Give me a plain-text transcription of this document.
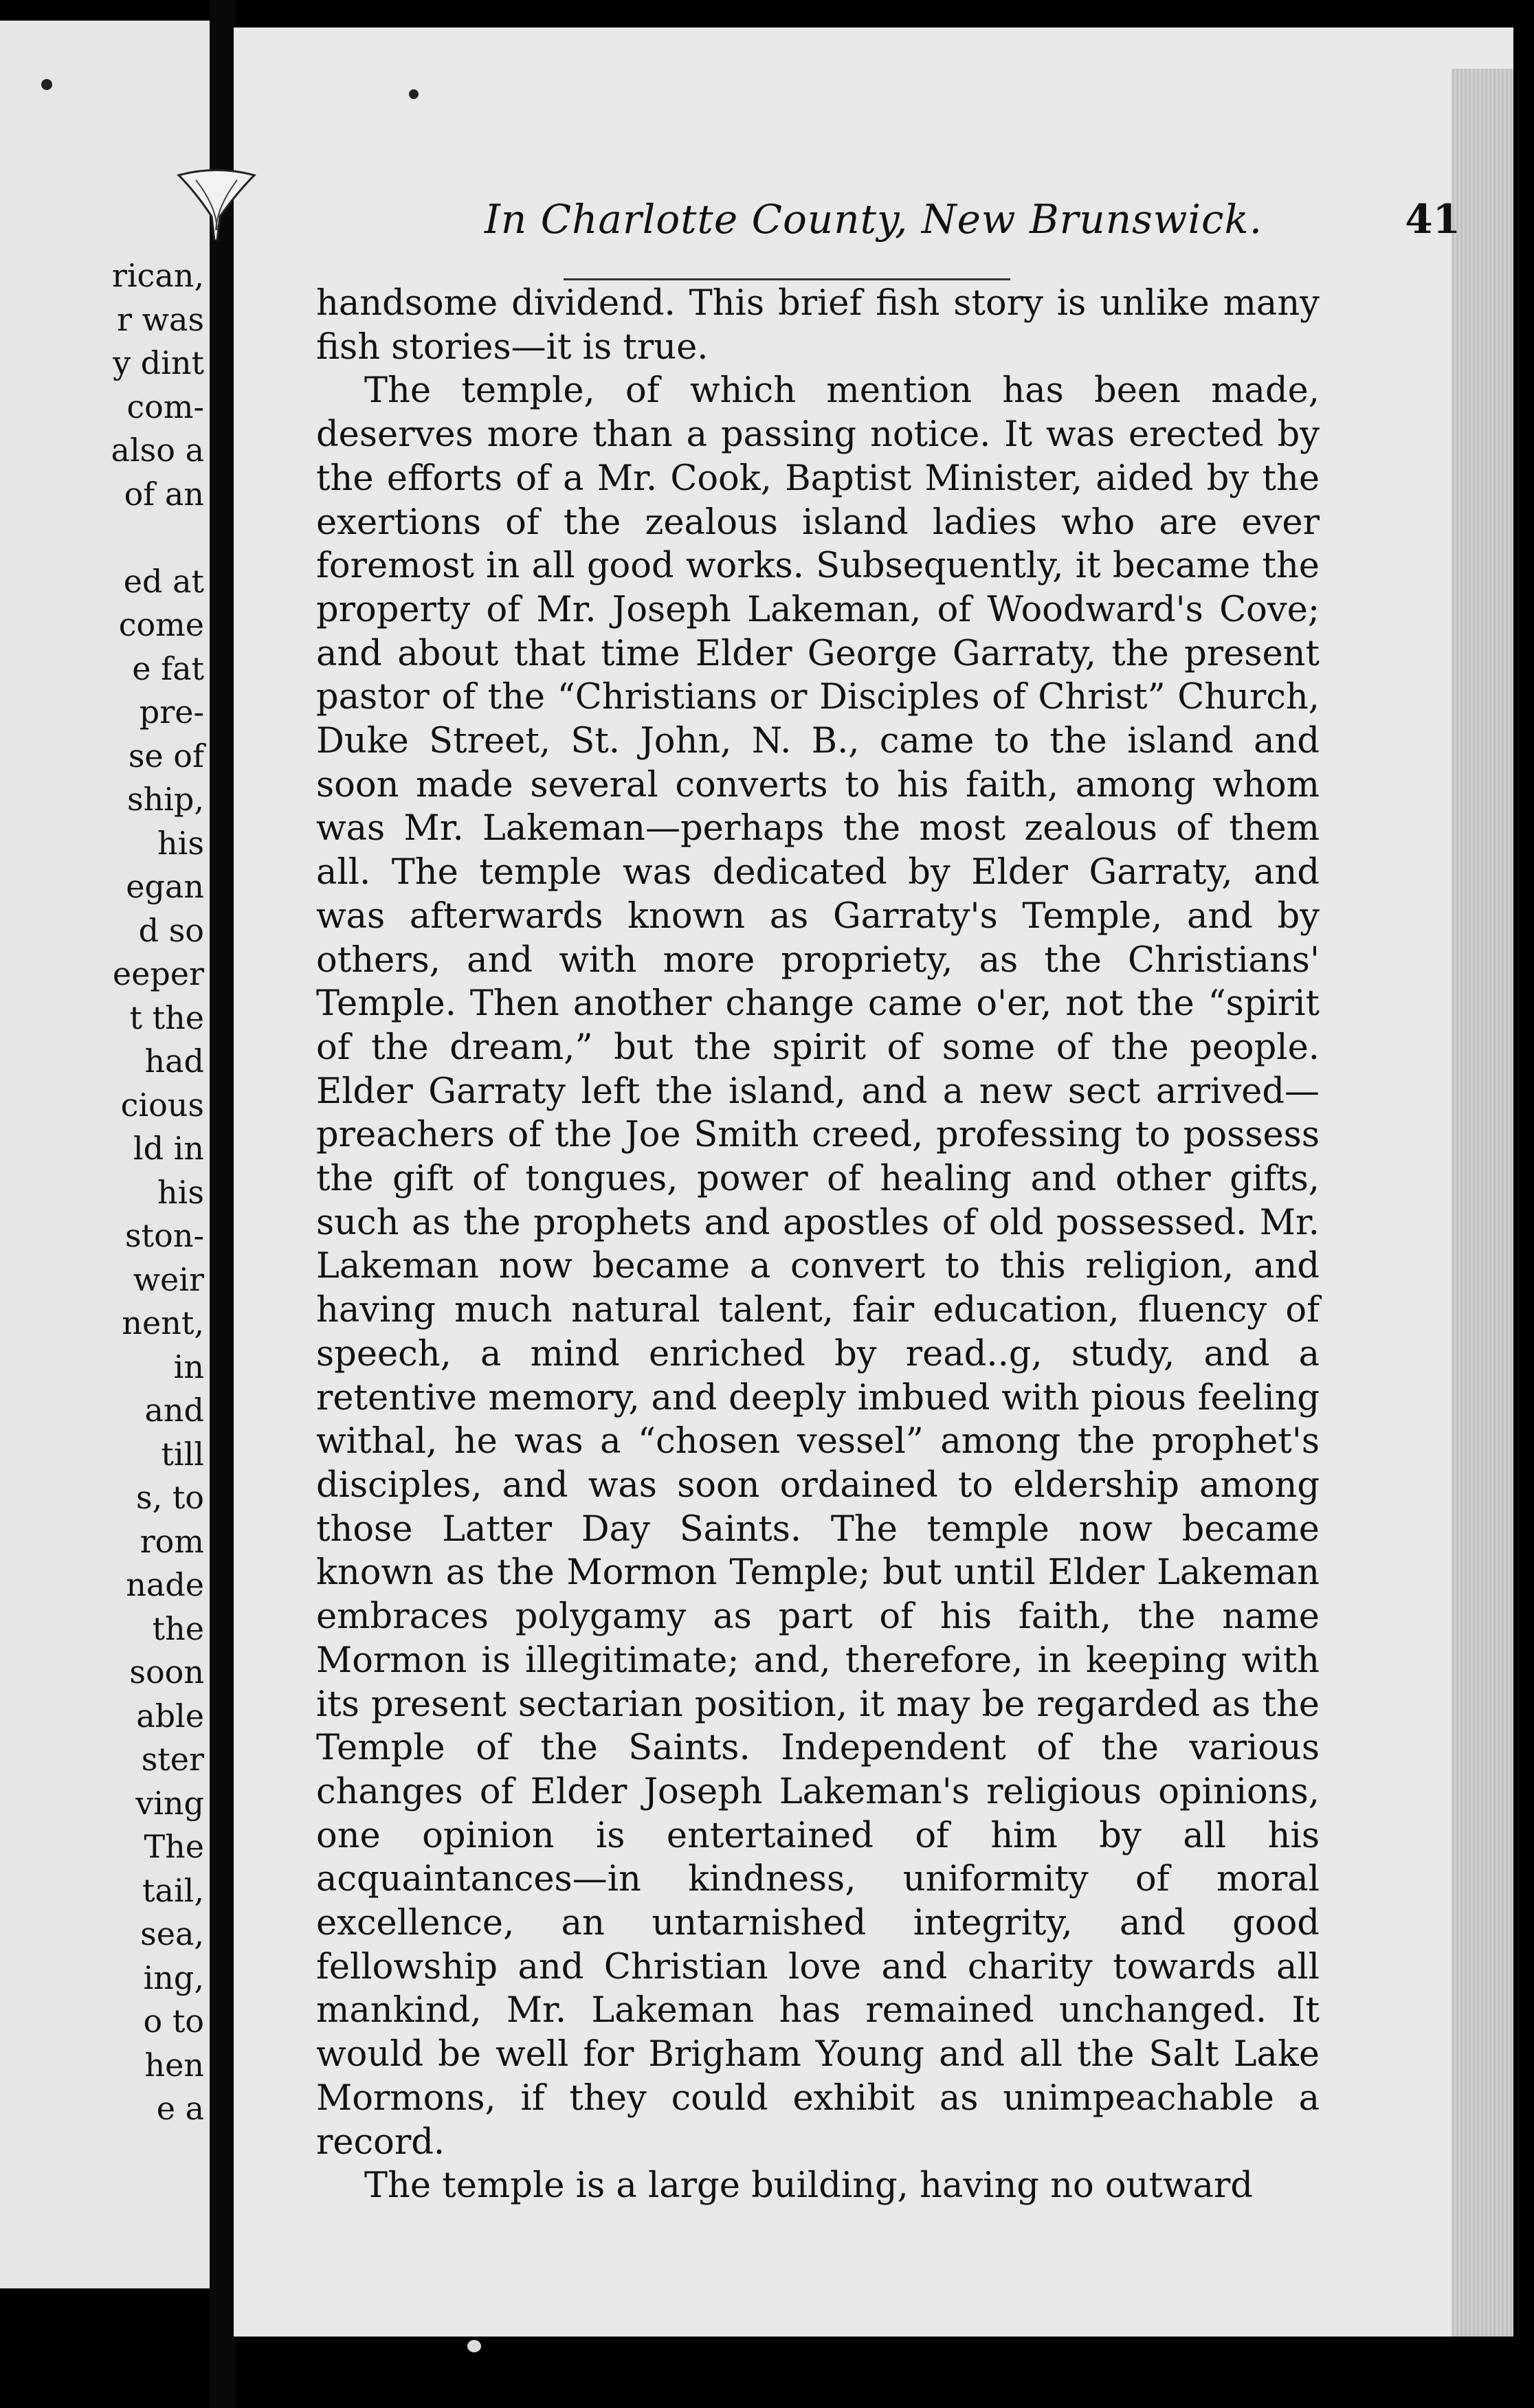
rican,
r was
y dint
com-
also a
of an

ed at
come
e fat
pre-
se of
ship,
his
egan
d so
eeper
t the
had
cious
ld in
his
ston-
weir
nent,
in
and
till
s, to
rom
nade
the
soon
able
ster
ving
The
tail,
sea,
ing,
o to
hen
e a
In Charlotte County, New Brunswick.	41

handsome dividend. This brief fish story is unlike many fish stories—it is true.

The temple, of which mention has been made, deserves more than a passing notice. It was erected by the efforts of a Mr. Cook, Baptist Minister, aided by the exertions of the zealous island ladies who are ever foremost in all good works. Subsequently, it became the property of Mr. Joseph Lakeman, of Woodward's Cove; and about that time Elder George Garraty, the present pastor of the “Christians or Disciples of Christ” Church, Duke Street, St. John, N. B., came to the island and soon made several converts to his faith, among whom was Mr. Lakeman—perhaps the most zealous of them all. The temple was dedicated by Elder Garraty, and was afterwards known as Garraty's Temple, and by others, and with more propriety, as the Christians' Temple. Then another change came o'er, not the “spirit of the dream,” but the spirit of some of the people. Elder Garraty left the island, and a new sect arrived—preachers of the Joe Smith creed, professing to possess the gift of tongues, power of healing and other gifts, such as the prophets and apostles of old possessed. Mr. Lakeman now became a convert to this religion, and having much natural talent, fair education, fluency of speech, a mind enriched by read..g, study, and a retentive memory, and deeply imbued with pious feeling withal, he was a “chosen vessel” among the prophet's disciples, and was soon ordained to eldership among those Latter Day Saints. The temple now became known as the Mormon Temple; but until Elder Lakeman embraces polygamy as part of his faith, the name Mormon is illegitimate; and, therefore, in keeping with its present sectarian position, it may be regarded as the Temple of the Saints. Independent of the various changes of Elder Joseph Lakeman's religious opinions, one opinion is entertained of him by all his acquaintances—in kindness, uniformity of moral excellence, an untarnished integrity, and good fellowship and Christian love and charity towards all mankind, Mr. Lakeman has remained unchanged. It would be well for Brigham Young and all the Salt Lake Mormons, if they could exhibit as unimpeachable a record.

The temple is a large building, having no outward
